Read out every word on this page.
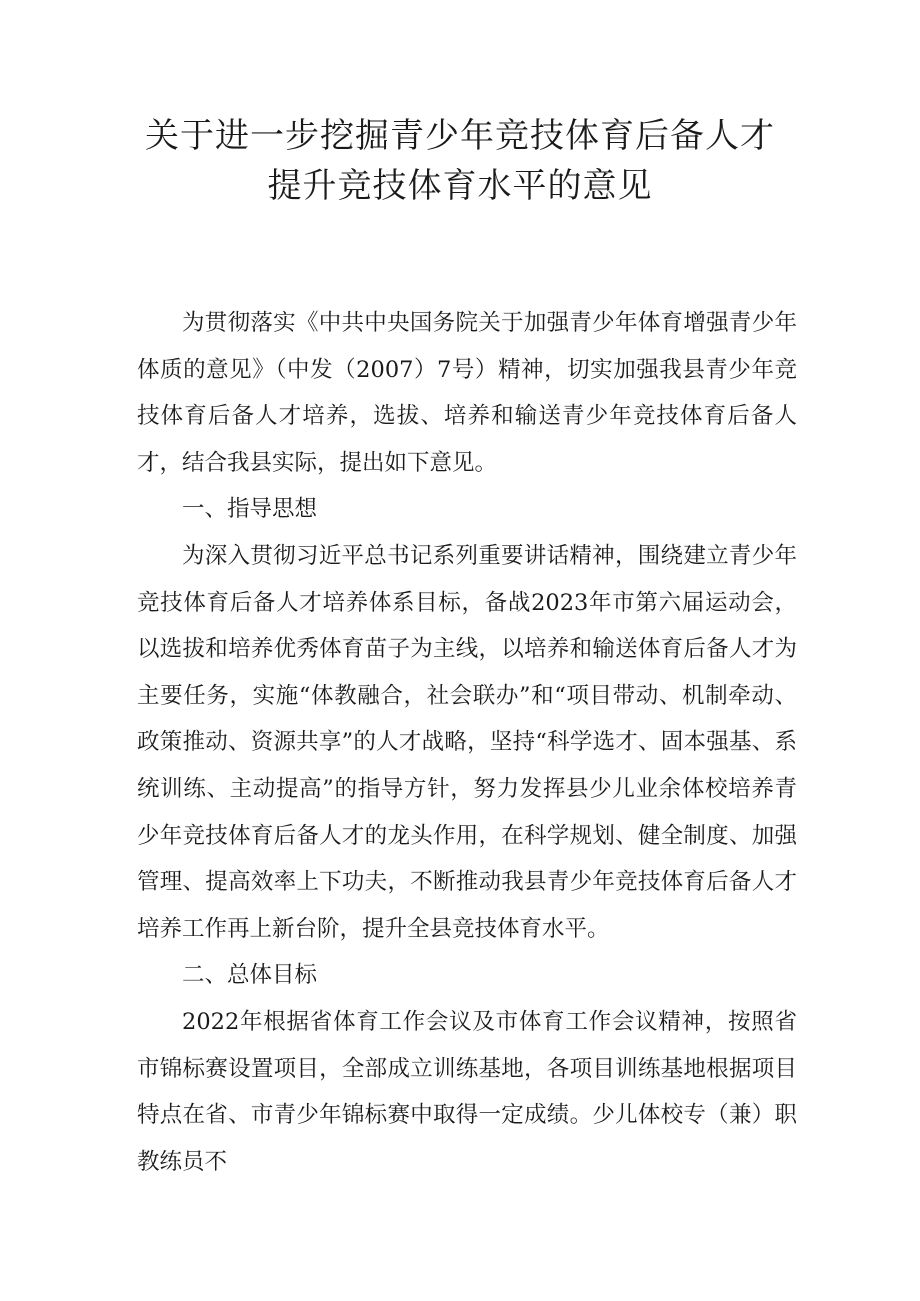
关于进一步挖掘青少年竞技体育后备人才
提升竞技体育水平的意见

为贯彻落实《中共中央国务院关于加强青少年体育增强青少年体质的意见》（中发（2007）7号）精神，切实加强我县青少年竞技体育后备人才培养，选拔、培养和输送青少年竞技体育后备人才，结合我县实际，提出如下意见。

一、指导思想

为深入贯彻习近平总书记系列重要讲话精神，围绕建立青少年竞技体育后备人才培养体系目标，备战2023年市第六届运动会，以选拔和培养优秀体育苗子为主线，以培养和输送体育后备人才为主要任务，实施“体教融合，社会联办”和“项目带动、机制牵动、政策推动、资源共享”的人才战略，坚持“科学选才、固本强基、系统训练、主动提高”的指导方针，努力发挥县少儿业余体校培养青少年竞技体育后备人才的龙头作用，在科学规划、健全制度、加强管理、提高效率上下功夫，不断推动我县青少年竞技体育后备人才培养工作再上新台阶，提升全县竞技体育水平。

二、总体目标

2022年根据省体育工作会议及市体育工作会议精神，按照省市锦标赛设置项目，全部成立训练基地，各项目训练基地根据项目特点在省、市青少年锦标赛中取得一定成绩。少儿体校专（兼）职教练员不
